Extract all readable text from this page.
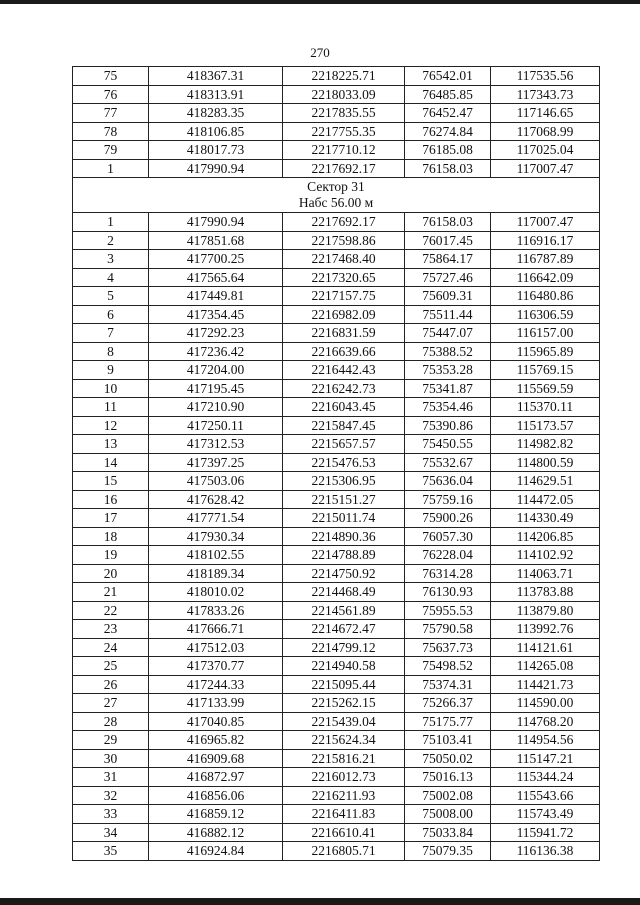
270
75	418367.31	2218225.71	76542.01	117535.56
76	418313.91	2218033.09	76485.85	117343.73
77	418283.35	2217835.55	76452.47	117146.65
78	418106.85	2217755.35	76274.84	117068.99
79	418017.73	2217710.12	76185.08	117025.04
1	417990.94	2217692.17	76158.03	117007.47

Сектор 31
Набс 56.00 м				

1	417990.94	2217692.17	76158.03	117007.47
2	417851.68	2217598.86	76017.45	116916.17
3	417700.25	2217468.40	75864.17	116787.89
4	417565.64	2217320.65	75727.46	116642.09
5	417449.81	2217157.75	75609.31	116480.86
6	417354.45	2216982.09	75511.44	116306.59
7	417292.23	2216831.59	75447.07	116157.00
8	417236.42	2216639.66	75388.52	115965.89
9	417204.00	2216442.43	75353.28	115769.15
10	417195.45	2216242.73	75341.87	115569.59
11	417210.90	2216043.45	75354.46	115370.11
12	417250.11	2215847.45	75390.86	115173.57
13	417312.53	2215657.57	75450.55	114982.82
14	417397.25	2215476.53	75532.67	114800.59
15	417503.06	2215306.95	75636.04	114629.51
16	417628.42	2215151.27	75759.16	114472.05
17	417771.54	2215011.74	75900.26	114330.49
18	417930.34	2214890.36	76057.30	114206.85
19	418102.55	2214788.89	76228.04	114102.92
20	418189.34	2214750.92	76314.28	114063.71
21	418010.02	2214468.49	76130.93	113783.88
22	417833.26	2214561.89	75955.53	113879.80
23	417666.71	2214672.47	75790.58	113992.76
24	417512.03	2214799.12	75637.73	114121.61
25	417370.77	2214940.58	75498.52	114265.08
26	417244.33	2215095.44	75374.31	114421.73
27	417133.99	2215262.15	75266.37	114590.00
28	417040.85	2215439.04	75175.77	114768.20
29	416965.82	2215624.34	75103.41	114954.56
30	416909.68	2215816.21	75050.02	115147.21
31	416872.97	2216012.73	75016.13	115344.24
32	416856.06	2216211.93	75002.08	115543.66
33	416859.12	2216411.83	75008.00	115743.49
34	416882.12	2216610.41	75033.84	115941.72
35	416924.84	2216805.71	75079.35	116136.38
